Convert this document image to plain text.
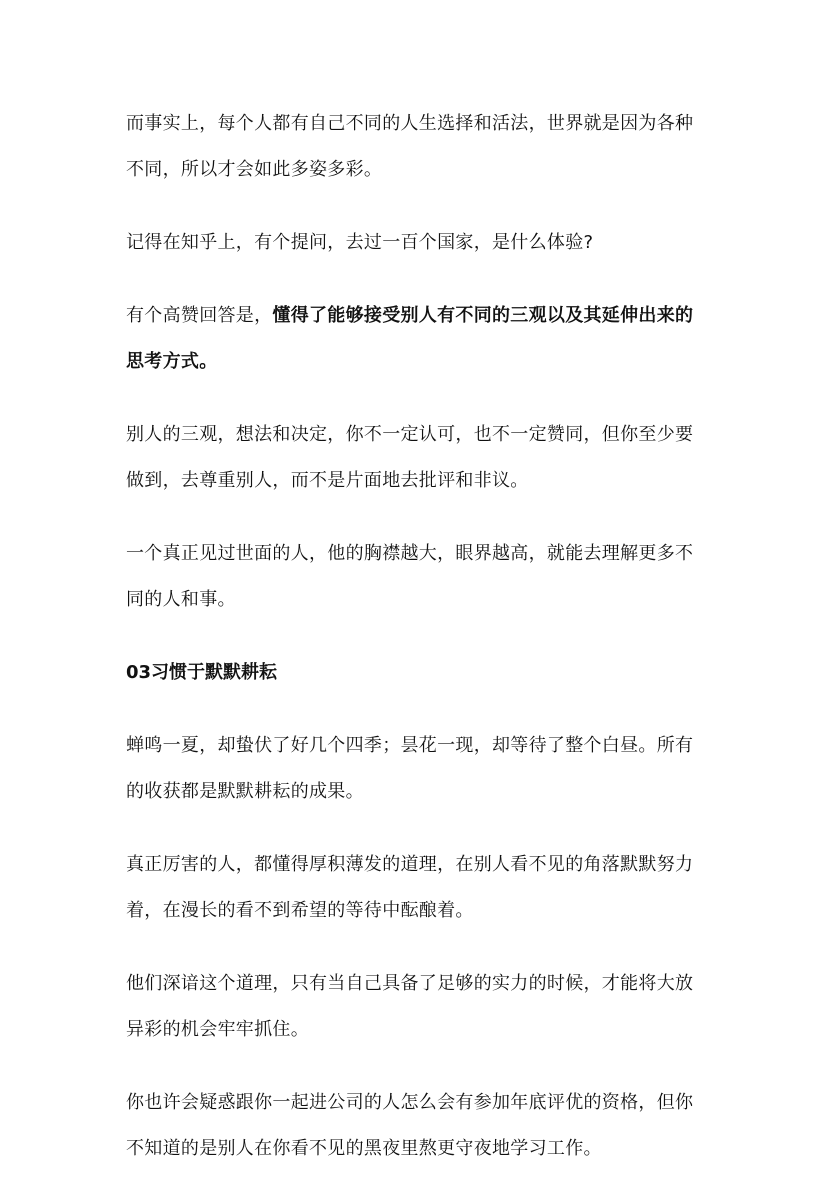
而事实上，每个人都有自己不同的人生选择和活法，世界就是因为各种不同，所以才会如此多姿多彩。

记得在知乎上，有个提问，去过一百个国家，是什么体验?

有个高赞回答是，懂得了能够接受别人有不同的三观以及其延伸出来的思考方式。

别人的三观，想法和决定，你不一定认可，也不一定赞同，但你至少要做到，去尊重别人，而不是片面地去批评和非议。

一个真正见过世面的人，他的胸襟越大，眼界越高，就能去理解更多不同的人和事。

03习惯于默默耕耘

蝉鸣一夏，却蛰伏了好几个四季；昙花一现，却等待了整个白昼。所有的收获都是默默耕耘的成果。

真正厉害的人，都懂得厚积薄发的道理，在别人看不见的角落默默努力着，在漫长的看不到希望的等待中酝酿着。

他们深谙这个道理，只有当自己具备了足够的实力的时候，才能将大放异彩的机会牢牢抓住。

你也许会疑惑跟你一起进公司的人怎么会有参加年底评优的资格，但你不知道的是别人在你看不见的黑夜里熬更守夜地学习工作。
